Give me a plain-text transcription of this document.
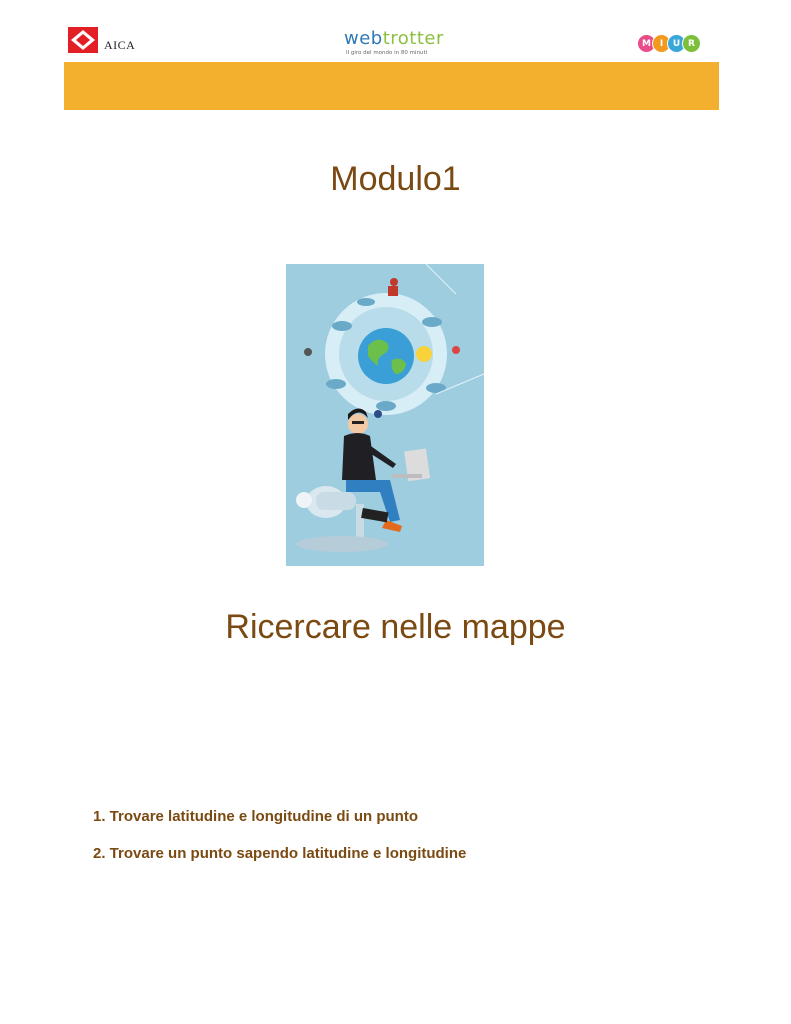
AICA	webtrotter
Il giro del mondo in 80 minuti
M I	U R
Modulo1
Ricercare nelle mappe
1. Trovare latitudine e longitudine di un punto
2. Trovare un punto sapendo latitudine e longitudine
